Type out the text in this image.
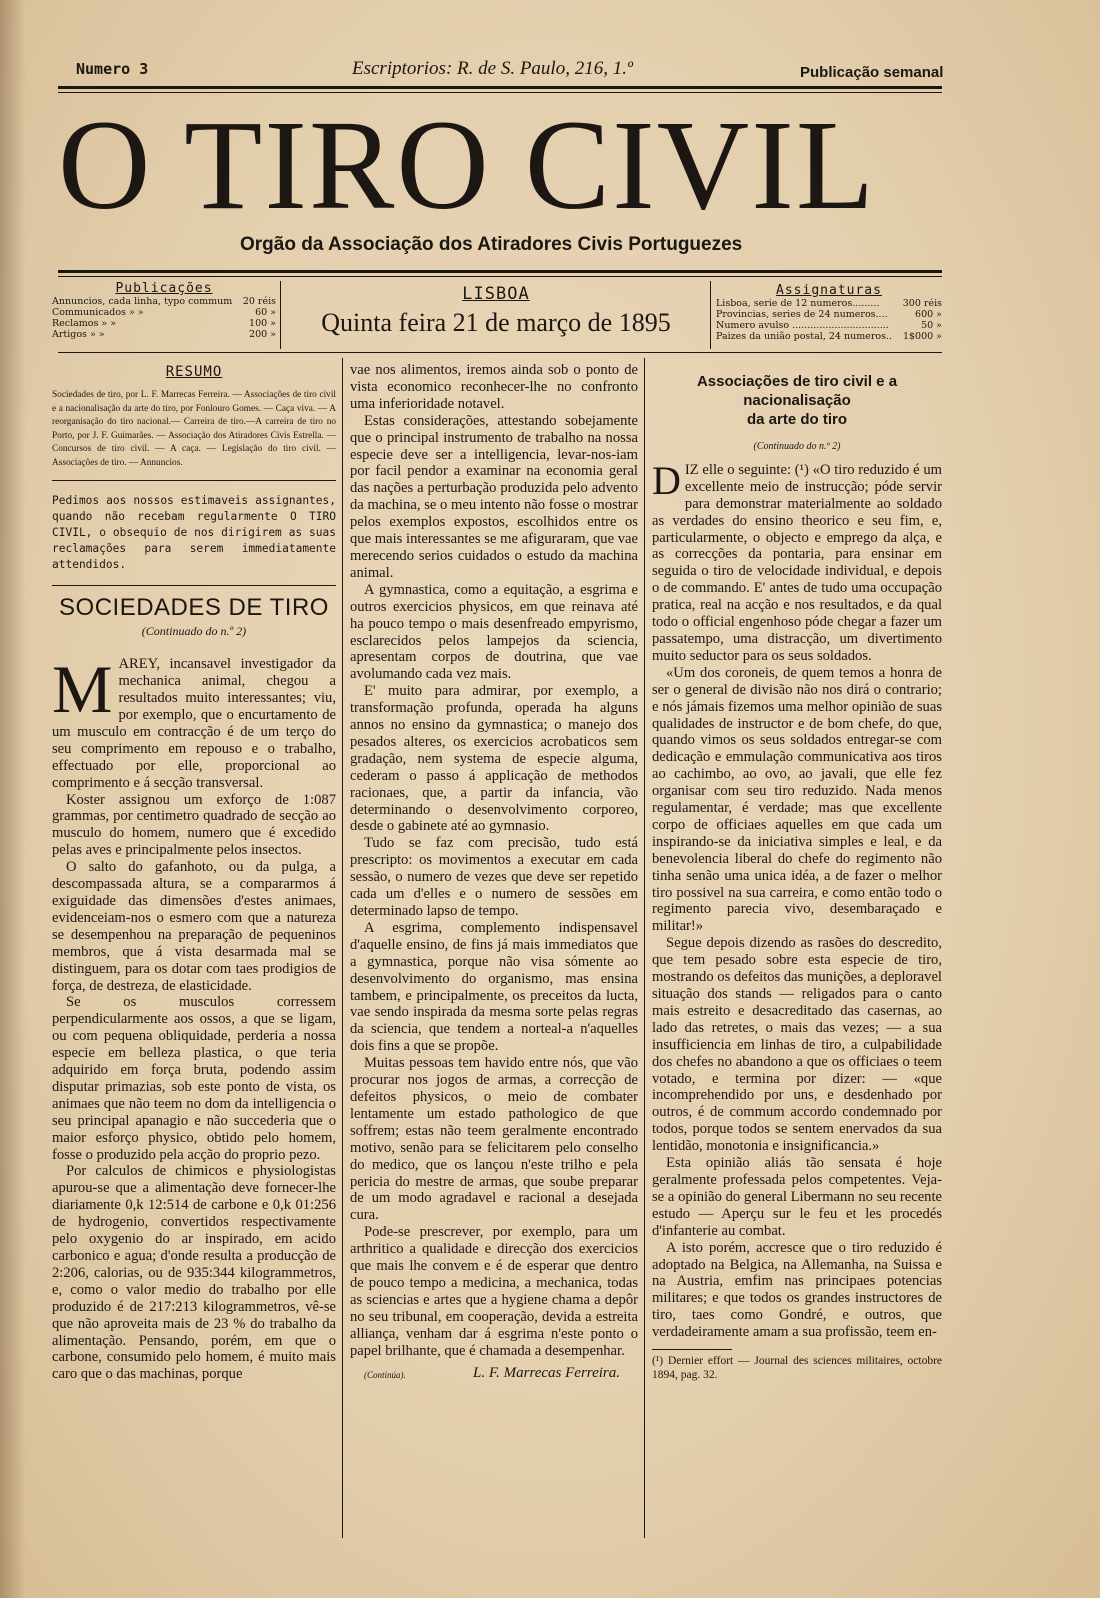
Numero 3	Escriptorios: R. de S. Paulo, 216, 1.º	Publicação semanal
O TIRO CIVIL
Orgão da Associação dos Atiradores Civis Portuguezes
Publicações
Annuncios, cada linha, typo commum	20 réis
Communicados » »	60 »
Reclamos » »	100 »
Artigos » »	200 »
LISBOA
Quinta feira 21 de março de 1895
Assignaturas
Lisboa, serie de 12 numeros.........	300 réis
Provincias, series de 24 numeros....	600 »
Numero avulso ................................	50 »
Paizes da união postal, 24 numeros..	1$000 »
RESUMO
Sociedades de tiro, por L. F. Marrecas Ferreira. — Associações de tiro civil e a nacionalisação da arte do tiro, por Fonlouro Gomes. — Caça viva. — A reorganisação do tiro nacional.— Carreira de tiro.—A carreira de tiro no Porto, por J. F. Guimarães. — Associação dos Atiradores Civis Estrella. — Concursos de tiro civil. — A caça. — Legislação do tiro civil. — Associações de tiro. — Annuncios.
Pedimos aos nossos estimaveis assignantes, quando não recebam regularmente O TIRO CIVIL, o obsequio de nos dirigirem as suas reclamações para serem immediatamente attendidos.
SOCIEDADES DE TIRO
(Continuado do n.º 2)

MAREY, incansavel investigador da mechanica animal, chegou a resultados muito interessantes; viu, por exemplo, que o encurtamento de um musculo em contracção é de um terço do seu comprimento em repouso e o trabalho, effectuado por elle, proporcional ao comprimento e á secção transversal.

Koster assignou um exforço de 1:087 grammas, por centimetro quadrado de secção ao musculo do homem, numero que é excedido pelas aves e principalmente pelos insectos.

O salto do gafanhoto, ou da pulga, a descompassada altura, se a compararmos á exiguidade das dimensões d'estes animaes, evidenceiam-nos o esmero com que a natureza se desempenhou na preparação de pequeninos membros, que á vista desarmada mal se distinguem, para os dotar com taes prodigios de força, de destreza, de elasticidade.

Se os musculos corressem perpendicularmente aos ossos, a que se ligam, ou com pequena obliquidade, perderia a nossa especie em belleza plastica, o que teria adquirido em força bruta, podendo assim disputar primazias, sob este ponto de vista, os animaes que não teem no dom da intelligencia o seu principal apanagio e não succederia que o maior esforço physico, obtido pelo homem, fosse o produzido pela acção do proprio pezo.

Por calculos de chimicos e physiologistas apurou-se que a alimentação deve fornecer-lhe diariamente 0,k 12:514 de carbone e 0,k 01:256 de hydrogenio, convertidos respectivamente pelo oxygenio do ar inspirado, em acido carbonico e agua; d'onde resulta a producção de 2:206, calorias, ou de 935:344 kilogrammetros, e, como o valor medio do trabalho por elle produzido é de 217:213 kilogrammetros, vê-se que não aproveita mais de 23 % do trabalho da alimentação. Pensando, porém, em que o carbone, consumido pelo homem, é muito mais caro que o das machinas, porque

vae nos alimentos, iremos ainda sob o ponto de vista economico reconhecer-lhe no confronto uma inferioridade notavel.

Estas considerações, attestando sobejamente que o principal instrumento de trabalho na nossa especie deve ser a intelligencia, levar-nos-iam por facil pendor a examinar na economia geral das nações a perturbação produzida pelo advento da machina, se o meu intento não fosse o mostrar pelos exemplos expostos, escolhidos entre os que mais interessantes se me afiguraram, que vae merecendo serios cuidados o estudo da machina animal.

A gymnastica, como a equitação, a esgrima e outros exercicios physicos, em que reinava até ha pouco tempo o mais desenfreado empyrismo, esclarecidos pelos lampejos da sciencia, apresentam corpos de doutrina, que vae avolumando cada vez mais.

E' muito para admirar, por exemplo, a transformação profunda, operada ha alguns annos no ensino da gymnastica; o manejo dos pesados alteres, os exercicios acrobaticos sem gradação, nem systema de especie alguma, cederam o passo á applicação de methodos racionaes, que, a partir da infancia, vão determinando o desenvolvimento corporeo, desde o gabinete até ao gymnasio.

Tudo se faz com precisão, tudo está prescripto: os movimentos a executar em cada sessão, o numero de vezes que deve ser repetido cada um d'elles e o numero de sessões em determinado lapso de tempo.

A esgrima, complemento indispensavel d'aquelle ensino, de fins já mais immediatos que a gymnastica, porque não visa sómente ao desenvolvimento do organismo, mas ensina tambem, e principalmente, os preceitos da lucta, vae sendo inspirada da mesma sorte pelas regras da sciencia, que tendem a norteal-a n'aquelles dois fins a que se propõe.

Muitas pessoas tem havido entre nós, que vão procurar nos jogos de armas, a correcção de defeitos physicos, o meio de combater lentamente um estado pathologico de que soffrem; estas não teem geralmente encontrado motivo, senão para se felicitarem pelo conselho do medico, que os lançou n'este trilho e pela pericia do mestre de armas, que soube preparar de um modo agradavel e racional a desejada cura.

Pode-se prescrever, por exemplo, para um arthritico a qualidade e direcção dos exercicios que mais lhe convem e é de esperar que dentro de pouco tempo a medicina, a mechanica, todas as sciencias e artes que a hygiene chama a depôr no seu tribunal, em cooperação, devida a estreita alliança, venham dar á esgrima n'este ponto o papel brilhante, que é chamada a desempenhar.

(Continúa).	L. F. Marrecas Ferreira.
Associações de tiro civil e a nacionalisação
da arte do tiro
(Continuado do n.º 2)

DIZ elle o seguinte: (¹) «O tiro reduzido é um excellente meio de instrucção; póde servir para demonstrar materialmente ao soldado as verdades do ensino theorico e seu fim, e, particularmente, o objecto e emprego da alça, e as correcções da pontaria, para ensinar em seguida o tiro de velocidade individual, e depois o de commando. E' antes de tudo uma occupação pratica, real na acção e nos resultados, e da qual todo o official engenhoso póde chegar a fazer um passatempo, uma distracção, um divertimento muito seductor para os seus soldados.

«Um dos coroneis, de quem temos a honra de ser o general de divisão não nos dirá o contrario; e nós jámais fizemos uma melhor opinião de suas qualidades de instructor e de bom chefe, do que, quando vimos os seus soldados entregar-se com dedicação e emmulação communicativa aos tiros ao cachimbo, ao ovo, ao javali, que elle fez organisar com seu tiro reduzido. Nada menos regulamentar, é verdade; mas que excellente corpo de officiaes aquelles em que cada um inspirando-se da iniciativa simples e leal, e da benevolencia liberal do chefe do regimento não tinha senão uma unica idéa, a de fazer o melhor tiro possivel na sua carreira, e como então todo o regimento parecia vivo, desembaraçado e militar!»

Segue depois dizendo as rasões do descredito, que tem pesado sobre esta especie de tiro, mostrando os defeitos das munições, a deploravel situação dos stands — religados para o canto mais estreito e desacreditado das casernas, ao lado das retretes, o mais das vezes; — a sua insufficiencia em linhas de tiro, a culpabilidade dos chefes no abandono a que os officiaes o teem votado, e termina por dizer: — «que incomprehendido por uns, e desdenhado por outros, é de commum accordo condemnado por todos, porque todos se sentem enervados da sua lentidão, monotonia e insignificancia.»

Esta opinião aliás tão sensata é hoje geralmente professada pelos competentes. Veja-se a opinião do general Libermann no seu recente estudo — Aperçu sur le feu et les procedés d'infanterie au combat.

A isto porém, accresce que o tiro reduzido é adoptado na Belgica, na Allemanha, na Suissa e na Austria, emfim nas principaes potencias militares; e que todos os grandes instructores de tiro, taes como Gondré, e outros, que verdadeiramente amam a sua profissão, teem en-

(¹) Dernier effort — Journal des sciences militaires, octobre 1894, pag. 32.
